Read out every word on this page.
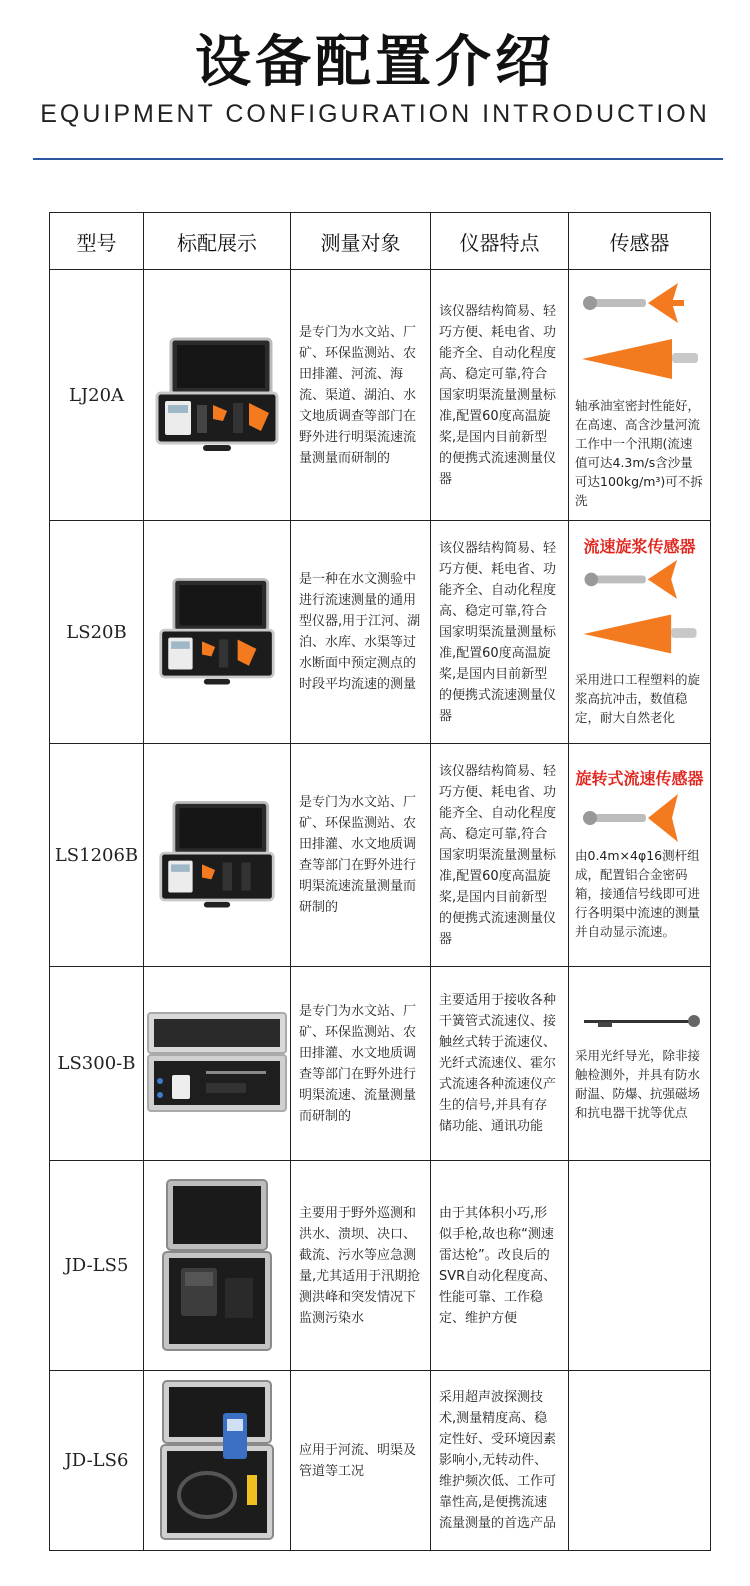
设备配置介绍
EQUIPMENT CONFIGURATION INTRODUCTION
型号	标配展示	测量对象	仪器特点	传感器
LJ20A		是专门为水文站、厂矿、环保监测站、农田排灌、河流、海流、渠道、湖泊、水文地质调查等部门在野外进行明渠流速流量测量而研制的	该仪器结构简易、轻巧方便、耗电省、功能齐全、自动化程度高、稳定可靠,符合国家明渠流量测量标准,配置60度高温旋桨,是国内目前新型的便携式流速测量仪器	轴承油室密封性能好，在高速、高含沙量河流工作中一个汛期(流速值可达4.3m/s含沙量可达100kg/m³)可不拆洗

LS20B		是一种在水文测验中进行流速测量的通用型仪器,用于江河、湖泊、水库、水渠等过水断面中预定测点的时段平均流速的测量	该仪器结构简易、轻巧方便、耗电省、功能齐全、自动化程度高、稳定可靠,符合国家明渠流量测量标准,配置60度高温旋桨,是国内目前新型的便携式流速测量仪器	流速旋浆传感器
采用进口工程塑料的旋浆高抗冲击，数值稳定，耐大自然老化

LS1206B		是专门为水文站、厂矿、环保监测站、农田排灌、水文地质调查等部门在野外进行明渠流速流量测量而研制的	该仪器结构简易、轻巧方便、耗电省、功能齐全、自动化程度高、稳定可靠,符合国家明渠流量测量标准,配置60度高温旋桨,是国内目前新型的便携式流速测量仪器	旋转式流速传感器
由0.4m×4φ16测杆组成，配置铝合金密码箱，接通信号线即可进行各明渠中流速的测量并自动显示流速。

LS300-B		是专门为水文站、厂矿、环保监测站、农田排灌、水文地质调查等部门在野外进行明渠流速、流量测量而研制的	主要适用于接收各种干簧管式流速仪、接触丝式转于流速仪、光纤式流速仪、霍尔式流速各种流速仪产生的信号,并具有存储功能、通讯功能	采用光纤导光，除非接触检测外，并具有防水耐温、防爆、抗强磁场和抗电器干扰等优点

JD-LS5		主要用于野外巡测和洪水、溃坝、决口、截流、污水等应急测量,尤其适用于汛期抢测洪峰和突发情况下监测污染水	由于其体积小巧,形似手枪,故也称“测速雷达枪”。改良后的SVR自动化程度高、性能可靠、工作稳定、维护方便	
JD-LS6		应用于河流、明渠及管道等工况	采用超声波探测技术,测量精度高、稳定性好、受环境因素影响小,无转动件、维护频次低、工作可靠性高,是便携流速流量测量的首选产品	
